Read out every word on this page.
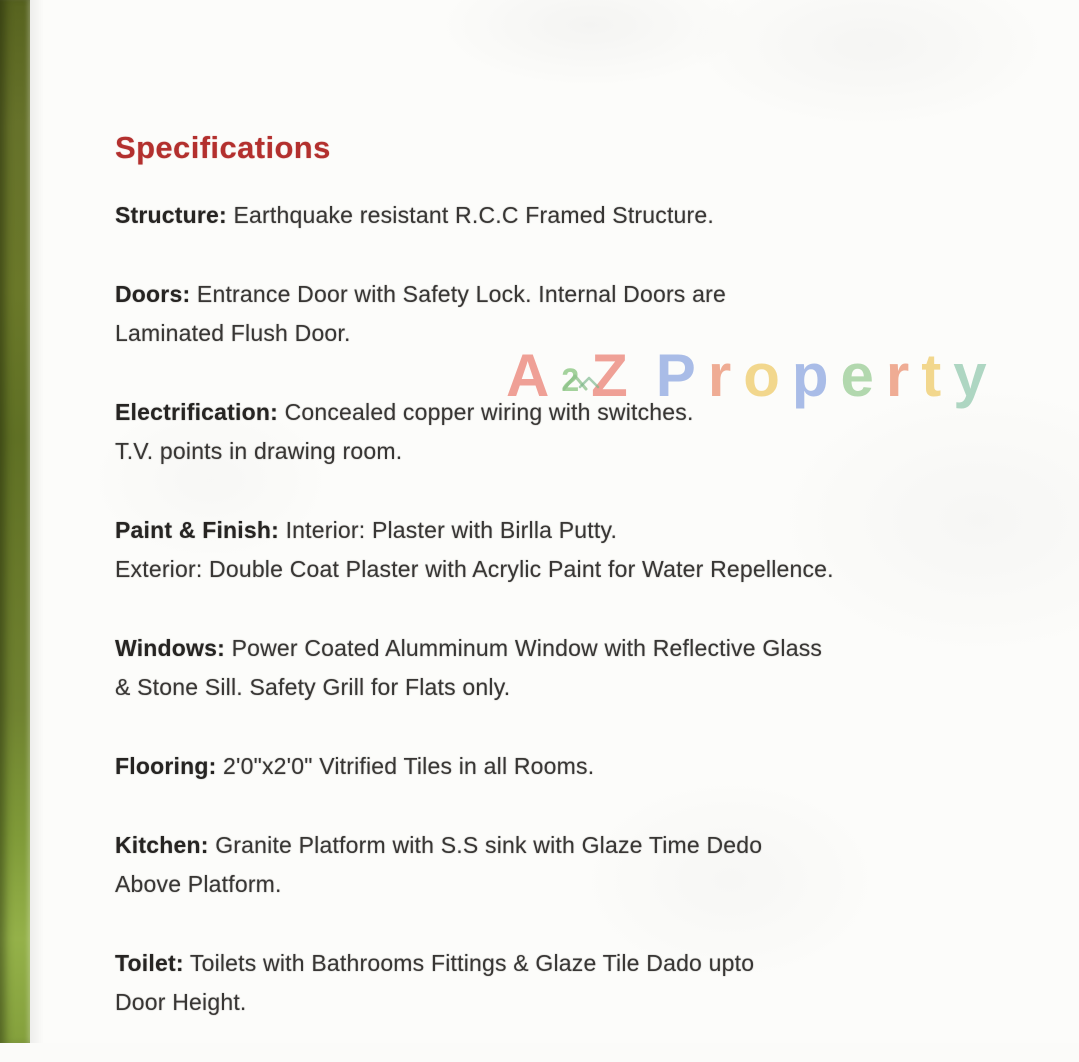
A2Z Property
Specifications

Structure: Earthquake resistant R.C.C Framed Structure.

Doors: Entrance Door with Safety Lock. Internal Doors are

Laminated Flush Door.

Electrification: Concealed copper wiring with switches.

T.V. points in drawing room.

Paint & Finish: Interior: Plaster with Birlla Putty.

Exterior: Double Coat Plaster with Acrylic Paint for Water Repellence.

Windows: Power Coated Alumminum Window with Reflective Glass

& Stone Sill. Safety Grill for Flats only.

Flooring: 2'0"x2'0" Vitrified Tiles in all Rooms.

Kitchen: Granite Platform with S.S sink with Glaze Time Dedo

Above Platform.

Toilet: Toilets with Bathrooms Fittings & Glaze Tile Dado upto

Door Height.
